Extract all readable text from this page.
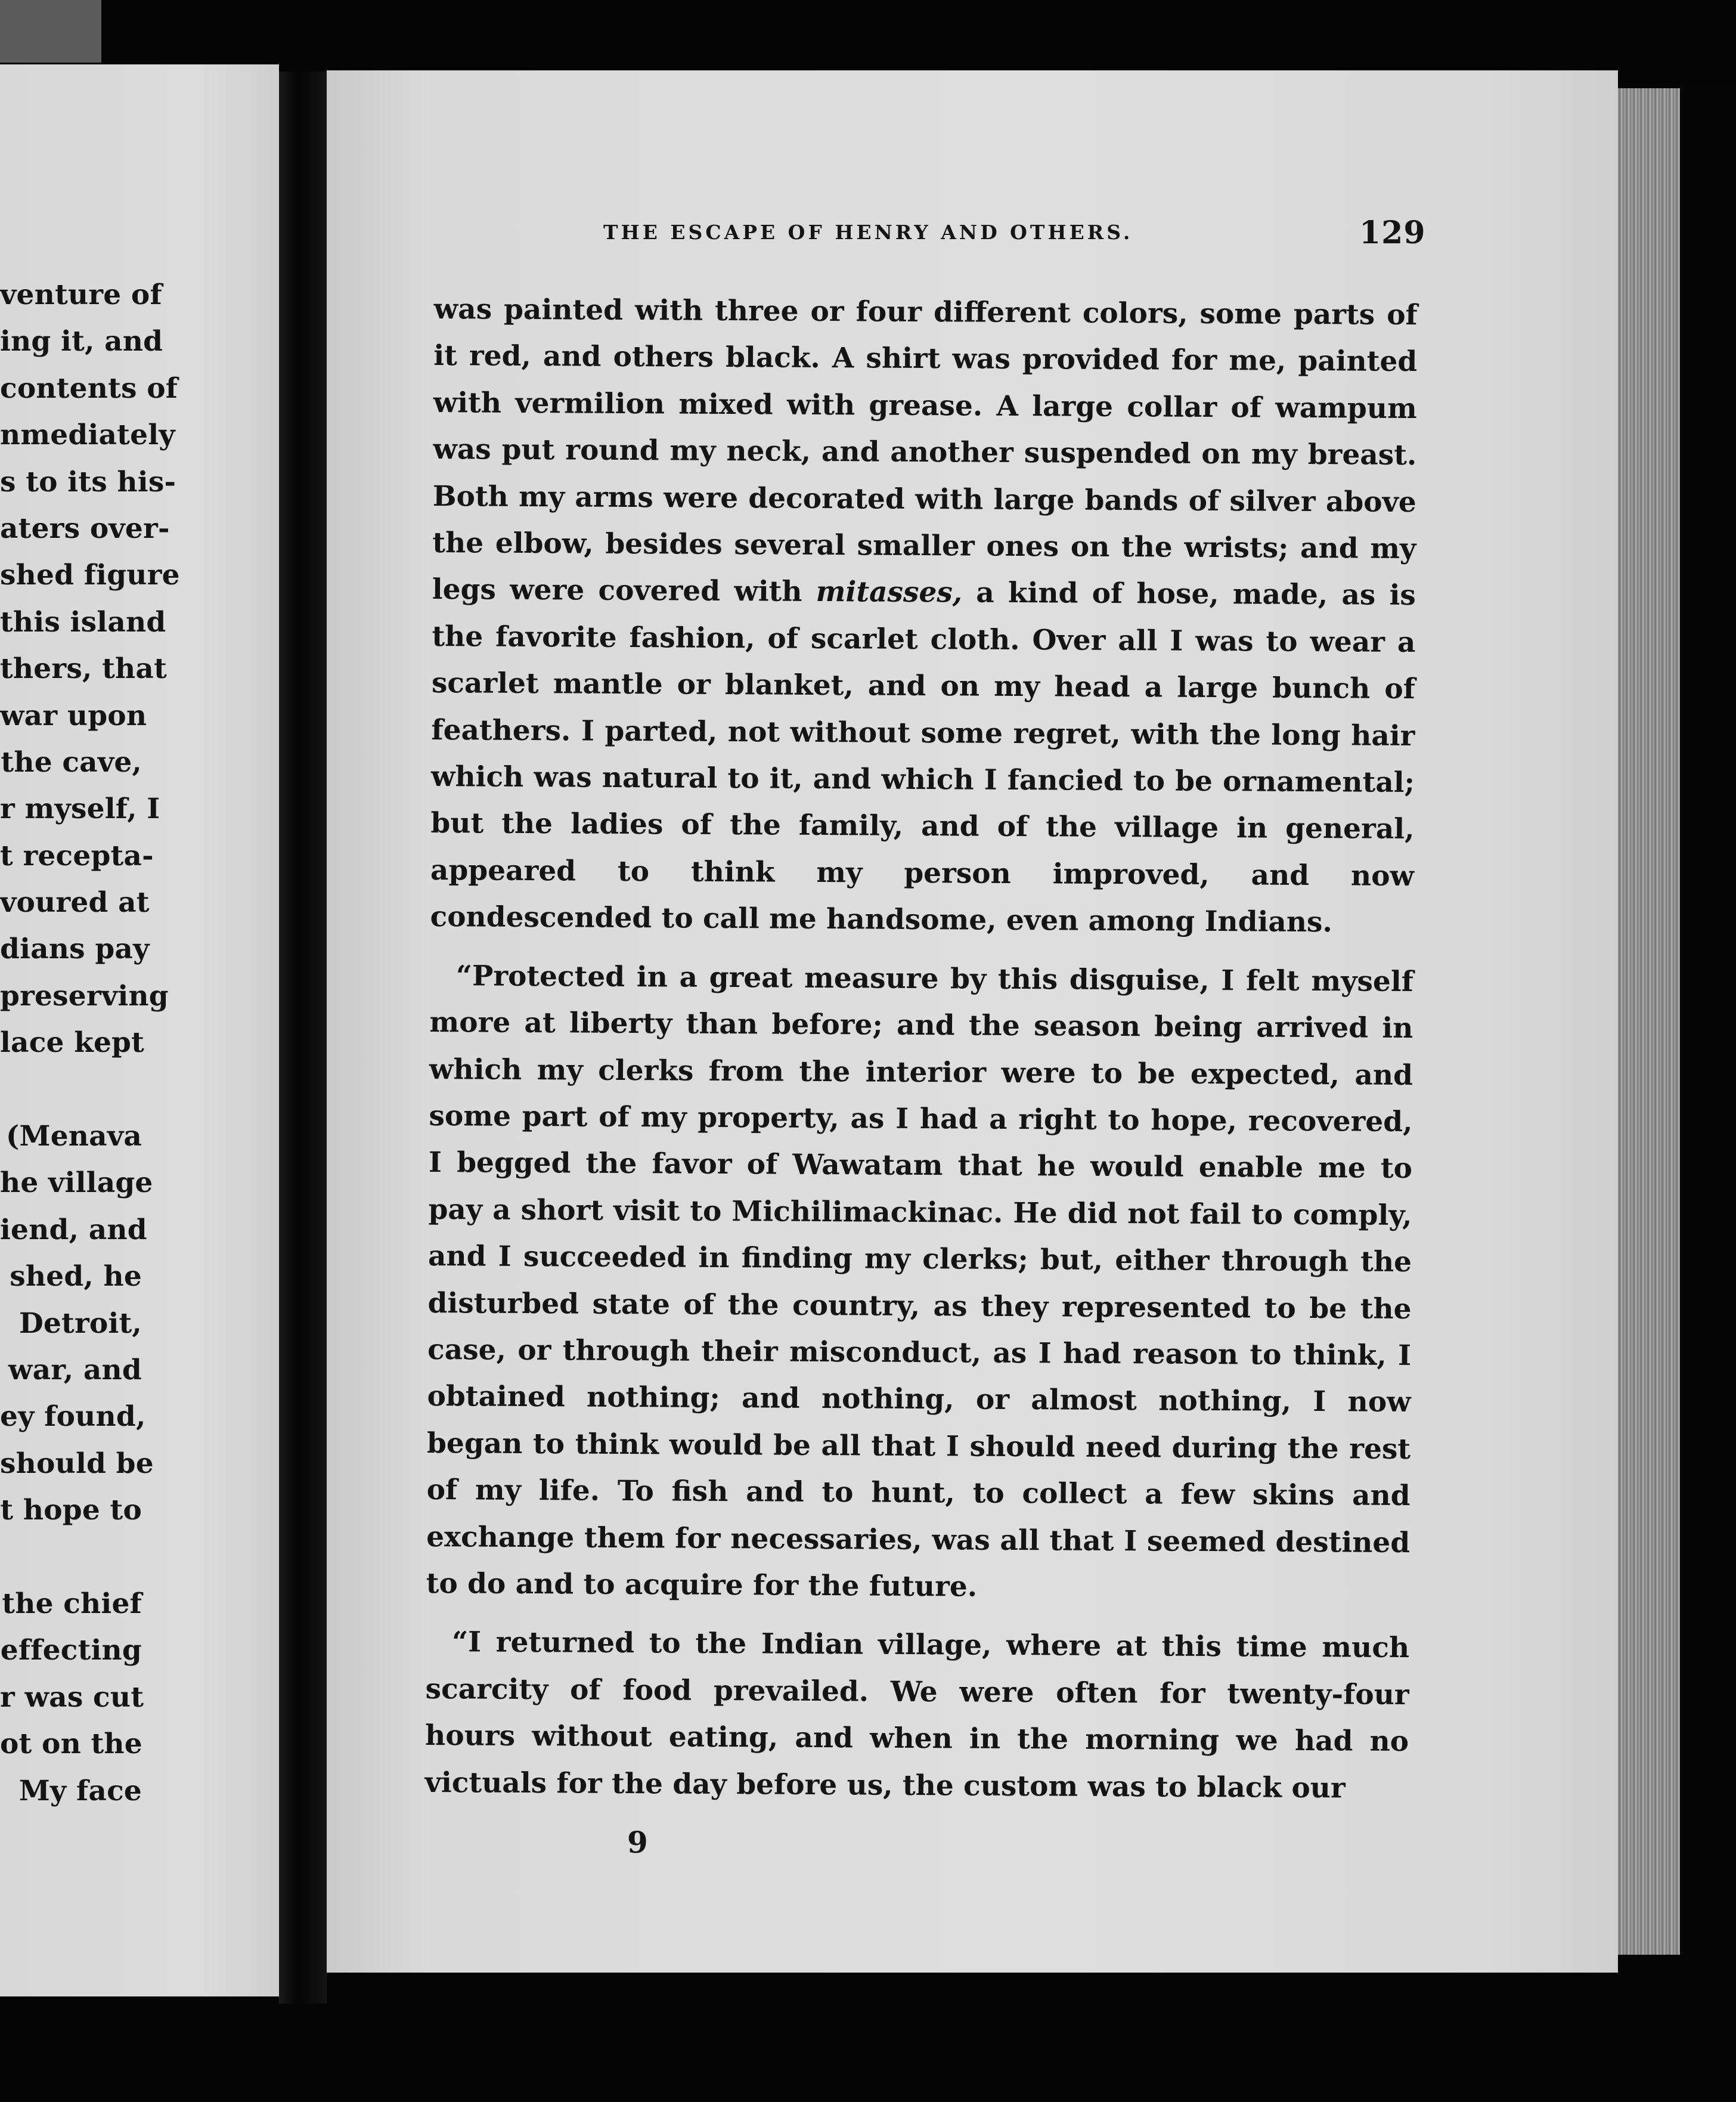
venture of
ing it, and
contents of
nmediately
s to its his-
aters over-
shed figure
this island
thers, that
war upon
the cave,
r myself, I
t recepta-
voured at
dians pay
preserving
lace kept
(Menava
he village
iend, and
shed, he
Detroit,
war, and
ey found,
should be
t hope to
the chief
effecting
r was cut
ot on the
My face
THE ESCAPE OF HENRY AND OTHERS.	129

was painted with three or four different colors, some parts of it red, and others black. A shirt was provided for me, painted with vermilion mixed with grease. A large collar of wampum was put round my neck, and another suspended on my breast. Both my arms were decorated with large bands of silver above the elbow, besides several smaller ones on the wrists; and my legs were covered with mitasses, a kind of hose, made, as is the favorite fashion, of scarlet cloth. Over all I was to wear a scarlet mantle or blanket, and on my head a large bunch of feathers. I parted, not without some regret, with the long hair which was natural to it, and which I fancied to be ornamental; but the ladies of the family, and of the village in general, appeared to think my person improved, and now condescended to call me handsome, even among Indians.

“Protected in a great measure by this disguise, I felt myself more at liberty than before; and the season being arrived in which my clerks from the interior were to be expected, and some part of my property, as I had a right to hope, recovered, I begged the favor of Wawatam that he would enable me to pay a short visit to Michilimackinac. He did not fail to comply, and I succeeded in finding my clerks; but, either through the disturbed state of the country, as they represented to be the case, or through their misconduct, as I had reason to think, I obtained nothing; and nothing, or almost nothing, I now began to think would be all that I should need during the rest of my life. To fish and to hunt, to collect a few skins and exchange them for necessaries, was all that I seemed destined to do and to acquire for the future.

“I returned to the Indian village, where at this time much scarcity of food prevailed. We were often for twenty-four hours without eating, and when in the morning we had no victuals for the day before us, the custom was to black our

9
